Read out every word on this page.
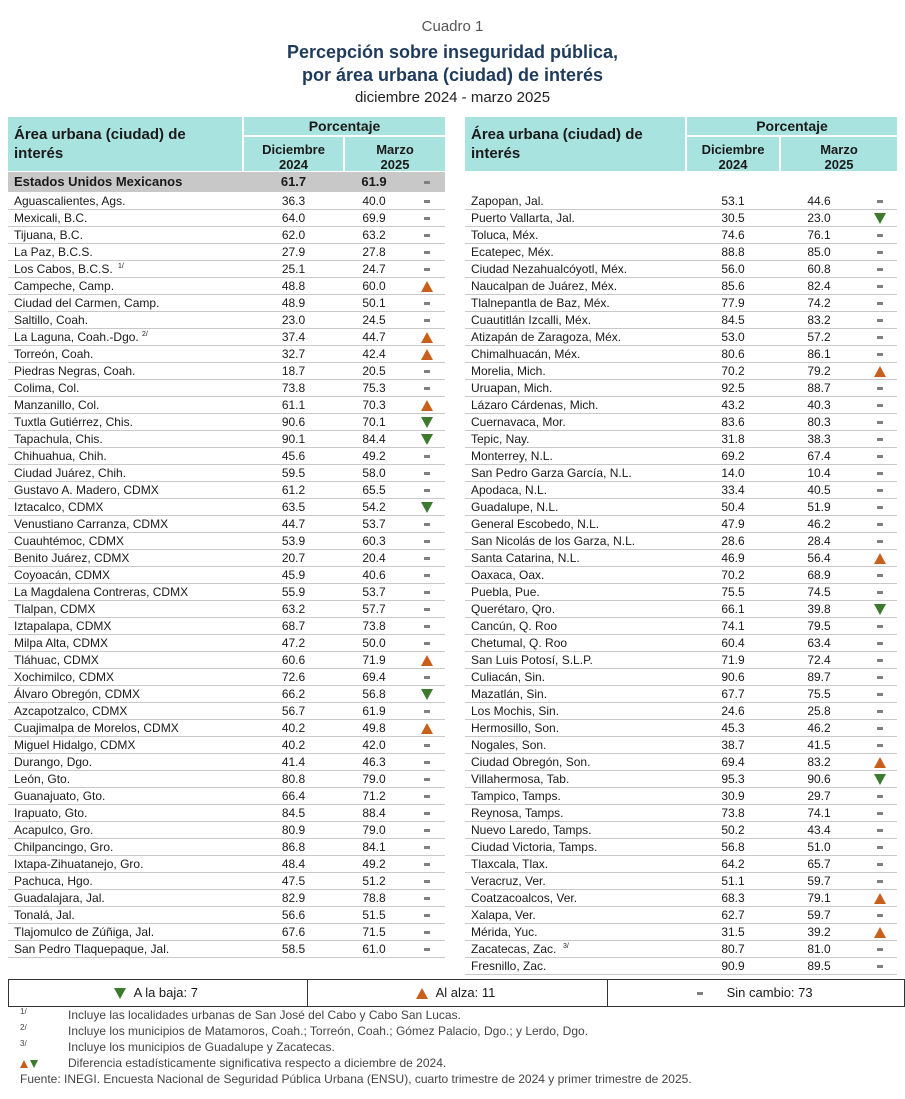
Cuadro 1
Percepción sobre inseguridad pública,
por área urbana (ciudad) de interés
diciembre 2024 - marzo 2025
Área urbana (ciudad) de
interés
Porcentaje
Diciembre
2024
Marzo
2025
Estados Unidos Mexicanos	61.7	61.9
Aguascalientes, Ags.	36.3	40.0
Mexicali, B.C.	64.0	69.9
Tijuana, B.C.	62.0	63.2
La Paz, B.C.S.	27.9	27.8
Los Cabos, B.C.S. 1/	25.1	24.7
Campeche, Camp.	48.8	60.0
Ciudad del Carmen, Camp.	48.9	50.1
Saltillo, Coah.	23.0	24.5
La Laguna, Coah.-Dgo. 2/	37.4	44.7
Torreón, Coah.	32.7	42.4
Piedras Negras, Coah.	18.7	20.5
Colima, Col.	73.8	75.3
Manzanillo, Col.	61.1	70.3
Tuxtla Gutiérrez, Chis.	90.6	70.1
Tapachula, Chis.	90.1	84.4
Chihuahua, Chih.	45.6	49.2
Ciudad Juárez, Chih.	59.5	58.0
Gustavo A. Madero, CDMX	61.2	65.5
Iztacalco, CDMX	63.5	54.2
Venustiano Carranza, CDMX	44.7	53.7
Cuauhtémoc, CDMX	53.9	60.3
Benito Juárez, CDMX	20.7	20.4
Coyoacán, CDMX	45.9	40.6
La Magdalena Contreras, CDMX	55.9	53.7
Tlalpan, CDMX	63.2	57.7
Iztapalapa, CDMX	68.7	73.8
Milpa Alta, CDMX	47.2	50.0
Tláhuac, CDMX	60.6	71.9
Xochimilco, CDMX	72.6	69.4
Álvaro Obregón, CDMX	66.2	56.8
Azcapotzalco, CDMX	56.7	61.9
Cuajimalpa de Morelos, CDMX	40.2	49.8
Miguel Hidalgo, CDMX	40.2	42.0
Durango, Dgo.	41.4	46.3
León, Gto.	80.8	79.0
Guanajuato, Gto.	66.4	71.2
Irapuato, Gto.	84.5	88.4
Acapulco, Gro.	80.9	79.0
Chilpancingo, Gro.	86.8	84.1
Ixtapa-Zihuatanejo, Gro.	48.4	49.2
Pachuca, Hgo.	47.5	51.2
Guadalajara, Jal.	82.9	78.8
Tonalá, Jal.	56.6	51.5
Tlajomulco de Zúñiga, Jal.	67.6	71.5
San Pedro Tlaquepaque, Jal.	58.5	61.0
Área urbana (ciudad) de
interés
Porcentaje
Diciembre
2024
Marzo
2025
Zapopan, Jal.	53.1	44.6
Puerto Vallarta, Jal.	30.5	23.0
Toluca, Méx.	74.6	76.1
Ecatepec, Méx.	88.8	85.0
Ciudad Nezahualcóyotl, Méx.	56.0	60.8
Naucalpan de Juárez, Méx.	85.6	82.4
Tlalnepantla de Baz, Méx.	77.9	74.2
Cuautitlán Izcalli, Méx.	84.5	83.2
Atizapán de Zaragoza, Méx.	53.0	57.2
Chimalhuacán, Méx.	80.6	86.1
Morelia, Mich.	70.2	79.2
Uruapan, Mich.	92.5	88.7
Lázaro Cárdenas, Mich.	43.2	40.3
Cuernavaca, Mor.	83.6	80.3
Tepic, Nay.	31.8	38.3
Monterrey, N.L.	69.2	67.4
San Pedro Garza García, N.L.	14.0	10.4
Apodaca, N.L.	33.4	40.5
Guadalupe, N.L.	50.4	51.9
General Escobedo, N.L.	47.9	46.2
San Nicolás de los Garza, N.L.	28.6	28.4
Santa Catarina, N.L.	46.9	56.4
Oaxaca, Oax.	70.2	68.9
Puebla, Pue.	75.5	74.5
Querétaro, Qro.	66.1	39.8
Cancún, Q. Roo	74.1	79.5
Chetumal, Q. Roo	60.4	63.4
San Luis Potosí, S.L.P.	71.9	72.4
Culiacán, Sin.	90.6	89.7
Mazatlán, Sin.	67.7	75.5
Los Mochis, Sin.	24.6	25.8
Hermosillo, Son.	45.3	46.2
Nogales, Son.	38.7	41.5
Ciudad Obregón, Son.	69.4	83.2
Villahermosa, Tab.	95.3	90.6
Tampico, Tamps.	30.9	29.7
Reynosa, Tamps.	73.8	74.1
Nuevo Laredo, Tamps.	50.2	43.4
Ciudad Victoria, Tamps.	56.8	51.0
Tlaxcala, Tlax.	64.2	65.7
Veracruz, Ver.	51.1	59.7
Coatzacoalcos, Ver.	68.3	79.1
Xalapa, Ver.	62.7	59.7
Mérida, Yuc.	31.5	39.2
Zacatecas, Zac. 3/	80.7	81.0
Fresnillo, Zac.	90.9	89.5
A la baja: 7	Al alza: 11	Sin cambio: 73
1/	Incluye las localidades urbanas de San José del Cabo y Cabo San Lucas.
2/	Incluye los municipios de Matamoros, Coah.; Torreón, Coah.; Gómez Palacio, Dgo.; y Lerdo, Dgo.
3/	Incluye los municipios de Guadalupe y Zacatecas.
Diferencia estadísticamente significativa respecto a diciembre de 2024.
Fuente: INEGI. Encuesta Nacional de Seguridad Pública Urbana (ENSU), cuarto trimestre de 2024 y primer trimestre de 2025.
